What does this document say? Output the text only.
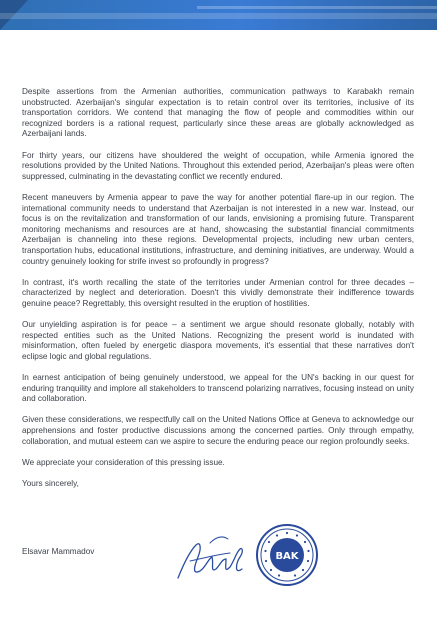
Despite assertions from the Armenian authorities, communication pathways to Karabakh remain unobstructed. Azerbaijan's singular expectation is to retain control over its territories, inclusive of its transportation corridors. We contend that managing the flow of people and commodities within our recognized borders is a rational request, particularly since these areas are globally acknowledged as Azerbaijani lands.

For thirty years, our citizens have shouldered the weight of occupation, while Armenia ignored the resolutions provided by the United Nations. Throughout this extended period, Azerbaijan's pleas were often suppressed, culminating in the devastating conflict we recently endured.

Recent maneuvers by Armenia appear to pave the way for another potential flare-up in our region. The international community needs to understand that Azerbaijan is not interested in a new war. Instead, our focus is on the revitalization and transformation of our lands, envisioning a promising future. Transparent monitoring mechanisms and resources are at hand, showcasing the substantial financial commitments Azerbaijan is channeling into these regions. Developmental projects, including new urban centers, transportation hubs, educational institutions, infrastructure, and demining initiatives, are underway. Would a country genuinely looking for strife invest so profoundly in progress?

In contrast, it's worth recalling the state of the territories under Armenian control for three decades – characterized by neglect and deterioration. Doesn't this vividly demonstrate their indifference towards genuine peace? Regrettably, this oversight resulted in the eruption of hostilities.

Our unyielding aspiration is for peace – a sentiment we argue should resonate globally, notably with respected entities such as the United Nations. Recognizing the present world is inundated with misinformation, often fueled by energetic diaspora movements, it's essential that these narratives don't eclipse logic and global regulations.

In earnest anticipation of being genuinely understood, we appeal for the UN's backing in our quest for enduring tranquility and implore all stakeholders to transcend polarizing narratives, focusing instead on unity and collaboration.

Given these considerations, we respectfully call on the United Nations Office at Geneva to acknowledge our apprehensions and foster productive discussions among the concerned parties. Only through empathy, collaboration, and mutual esteem can we aspire to secure the enduring peace our region profoundly seeks.

We appreciate your consideration of this pressing issue.

Yours sincerely,

Elsavar Mammadov	BAK
